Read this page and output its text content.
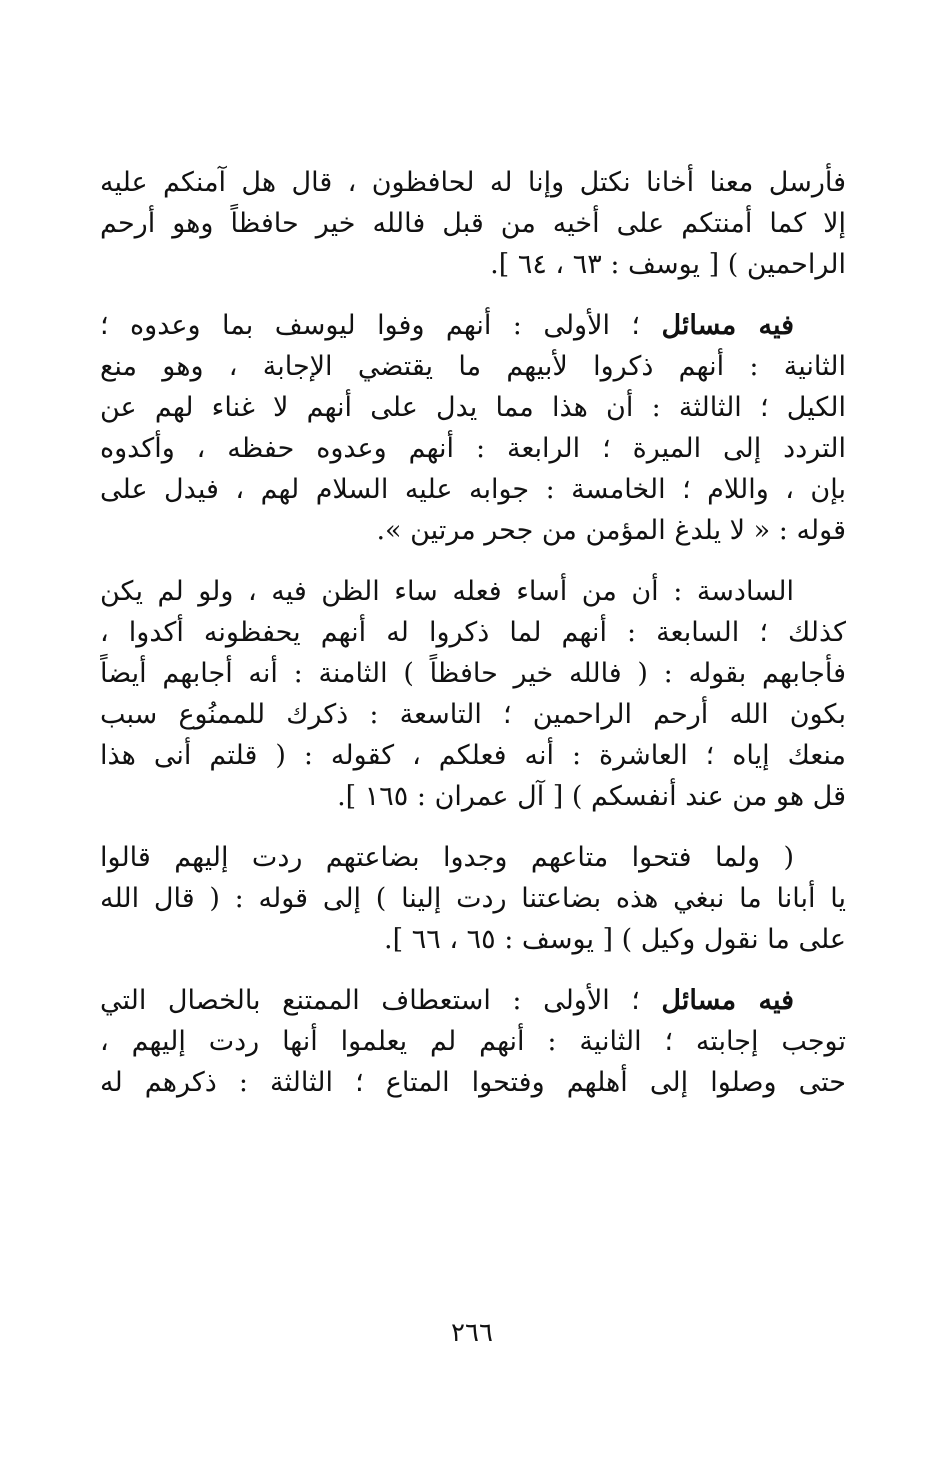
فأرسل معنا أخانا نكتل وإنا له لحافظون ، قال هل آمنكم عليه
إلا كما أمنتكم على أخيه من قبل فالله خير حافظاً وهو أرحم
الراحمين ) [ يوسف : ٦٣ ، ٦٤ ].
فيه مسائل ؛ الأولى : أنهم وفوا ليوسف بما وعدوه ؛
الثانية : أنهم ذكروا لأبيهم ما يقتضي الإجابة ، وهو منع
الكيل ؛ الثالثة : أن هذا مما يدل على أنهم لا غناء لهم عن
التردد إلى الميرة ؛ الرابعة : أنهم وعدوه حفظه ، وأكدوه
بإن ، واللام ؛ الخامسة : جوابه عليه السلام لهم ، فيدل على
قوله : « لا يلدغ المؤمن من جحر مرتين ».
السادسة : أن من أساء فعله ساء الظن فيه ، ولو لم يكن
كذلك ؛ السابعة : أنهم لما ذكروا له أنهم يحفظونه أكدوا ،
فأجابهم بقوله : ( فالله خير حافظاً ) الثامنة : أنه أجابهم أيضاً
بكون الله أرحم الراحمين ؛ التاسعة : ذكرك للممنُوع سبب
منعك إياه ؛ العاشرة : أنه فعلكم ، كقوله : ( قلتم أنى هذا
قل هو من عند أنفسكم ) [ آل عمران : ١٦٥ ].
( ولما فتحوا متاعهم وجدوا بضاعتهم ردت إليهم قالوا
يا أبانا ما نبغي هذه بضاعتنا ردت إلينا ) إلى قوله : ( قال الله
على ما نقول وكيل ) [ يوسف : ٦٥ ، ٦٦ ].
فيه مسائل ؛ الأولى : استعطاف الممتنع بالخصال التي
توجب إجابته ؛ الثانية : أنهم لم يعلموا أنها ردت إليهم ،
حتى وصلوا إلى أهلهم وفتحوا المتاع ؛ الثالثة : ذكرهم له
٢٦٦
